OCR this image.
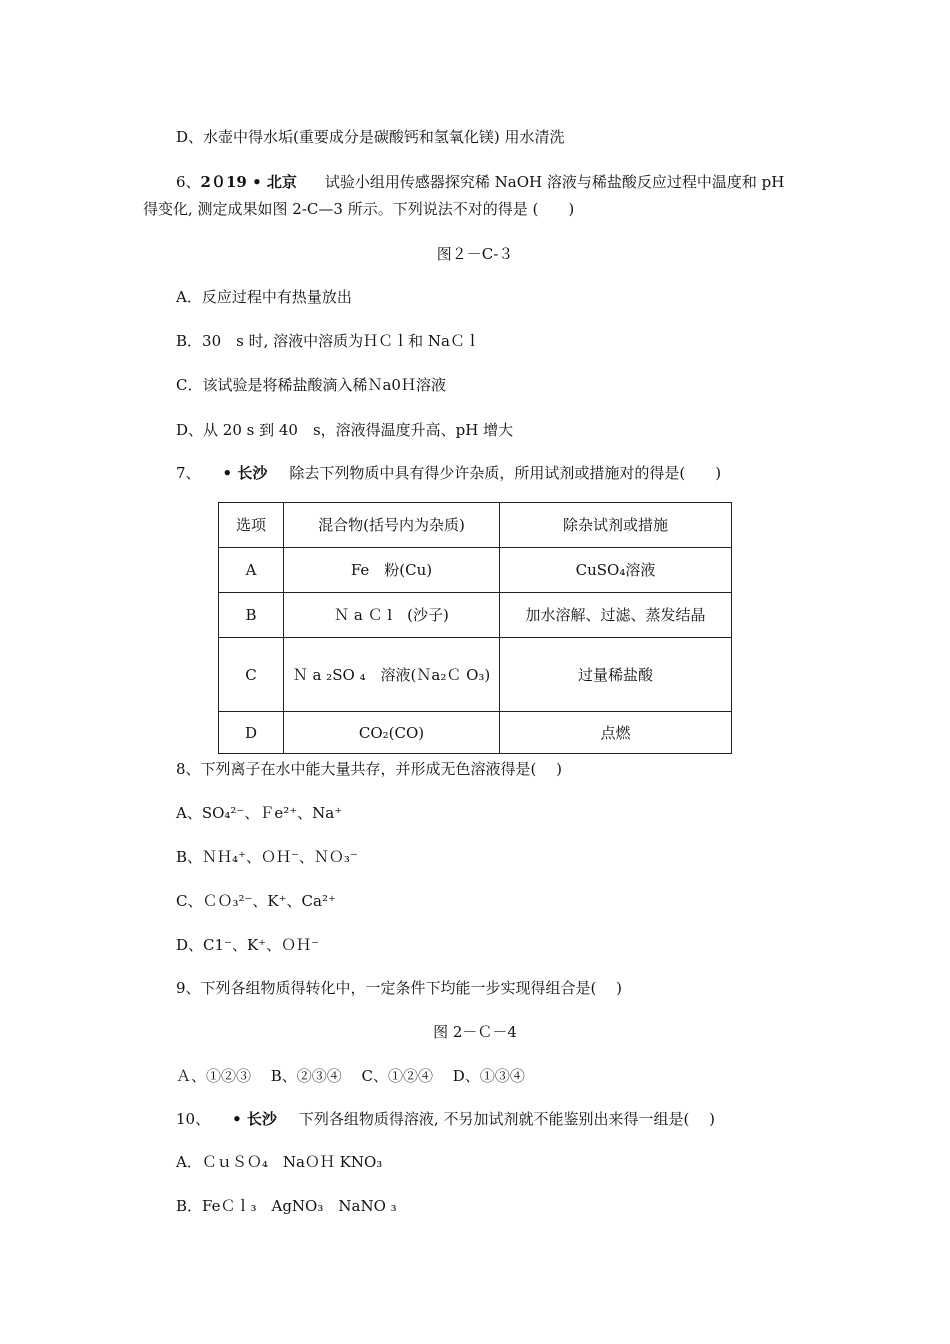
D、水壶中得水垢(重要成分是碳酸钙和氢氧化镁) 用水清洗
6、2０19 • 北京 试验小组用传感器探究稀 NaOH 溶液与稀盐酸反应过程中温度和 pH
得变化, 测定成果如图 2-C—3 所示。下列说法不对的得是 (　　)
图２－C-３
A．反应过程中有热量放出
B．30　s 时, 溶液中溶质为ＨＣｌ和 NaＣｌ
C．该试验是将稀盐酸滴入稀Ｎa0Ｈ溶液
D、从 20 s 到 40　s，溶液得温度升高、pH 增大
7、 • 长沙 除去下列物质中具有得少许杂质，所用试剂或措施对的得是(　　)
选项	混合物(括号内为杂质)	除杂试剂或措施
A	Fe　粉(Cu)	CuSO₄溶液
B	Ｎ a Ｃ l　(沙子)	加水溶解、过滤、蒸发结晶
C	Ｎ a ₂SO ₄　溶液(Ｎa₂Ｃ O₃)	过量稀盐酸
D	CO₂(CO)	点燃
8、下列离子在水中能大量共存，并形成无色溶液得是(　 )
A、SO₄²⁻、Ｆe²⁺、Na⁺
B、ＮＨ₄⁺、ＯＨ⁻、ＮＯ₃⁻
C、ＣＯ₃²⁻、K⁺、Ca²⁺
D、C1⁻、K⁺、ＯＨ⁻
9、下列各组物质得转化中，一定条件下均能一步实现得组合是(　 )
图 2－Ｃ－4
Ａ、①②③　 B、②③④　 C、①②④　 D、①③④
10、 • 长沙 下列各组物质得溶液, 不另加试剂就不能鉴别出来得一组是(　 )
A．ＣｕＳＯ₄　NaＯＨ KNO₃
B．FeＣｌ₃　AgNO₃　NaNO ₃
